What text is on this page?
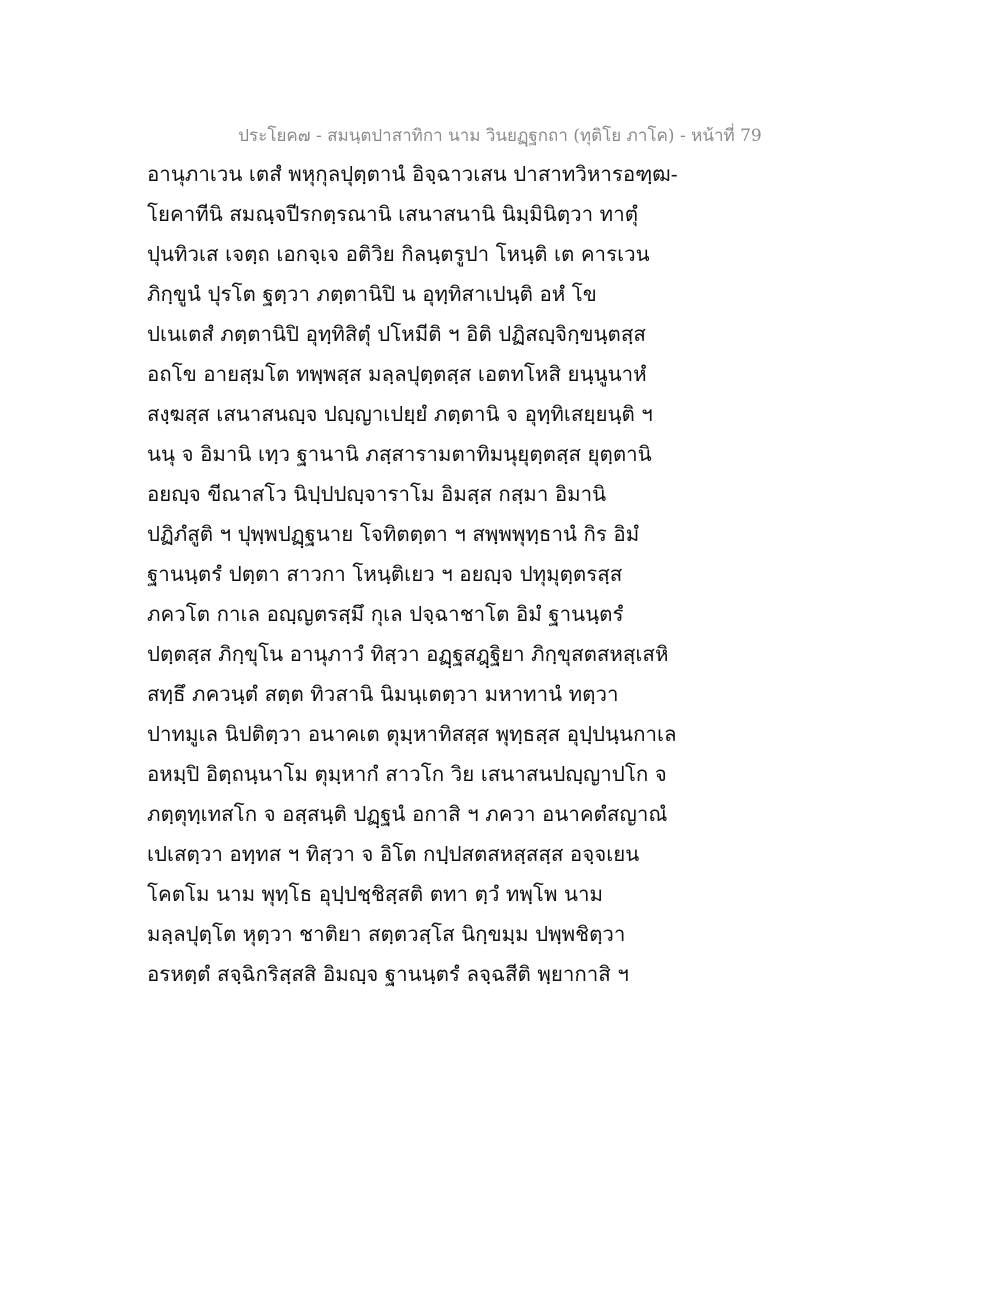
ประโยค๗ - สมนฺตปาสาทิกา นาม วินยฏฺฐกถา (ทุติโย ภาโค) - หน้าที่ 79
อานุภาเวน เตสํ พหุกุลปุตฺตานํ อิจฺฉาวเสน ปาสาทวิหารอฑฺฒ-
โยคาทีนิ สมณฺจปีรกตฺรณานิ เสนาสนานิ นิมฺมินิตฺวา ทาตุํ
ปุนทิวเส เจตฺถ เอกจฺเจ อติวิย กิลนฺตรูปา โหนฺติ เต คารเวน
ภิกฺขูนํ ปุรโต ฐตฺวา ภตฺตานิปิ น อุทฺทิสาเปนฺติ อหํ โข
ปเนเตสํ ภตฺตานิปิ อุทฺทิสิตุํ ปโหมีติ ฯ อิติ ปฏิสญฺจิกฺขนฺตสฺส
อถโข อายสฺมโต ทพฺพสฺส มลฺลปุตฺตสฺส เอตทโหสิ ยนฺนูนาหํ
สงฺฆสฺส เสนาสนญฺจ ปญฺญาเปยฺยํ ภตฺตานิ จ อุทฺทิเสยฺยนฺติ ฯ
นนุ จ อิมานิ เทฺว ฐานานิ ภสฺสารามตาทิมนุยุตฺตสฺส ยุตฺตานิ
อยญฺจ ขีณาสโว นิปฺปปญฺจาราโม อิมสฺส กสฺมา อิมานิ
ปฏิภํสูติ ฯ ปุพฺพปฏฺฐนาย โจทิตตฺตา ฯ สพฺพพุทฺธานํ กิร อิมํ
ฐานนฺตรํ ปตฺตา สาวกา โหนฺติเยว ฯ อยญฺจ ปทุมุตฺตรสฺส
ภควโต กาเล อญฺญตรสฺมึ กุเล ปจฺฉาชาโต อิมํ ฐานนฺตรํ
ปตฺตสฺส ภิกฺขุโน อานุภาวํ ทิสฺวา อฏฺฐสฎฺฐิยา ภิกฺขุสตสหสฺเสหิ
สทฺธึ ภควนฺตํ สตฺต ทิวสานิ นิมนฺเตตฺวา มหาทานํ ทตฺวา
ปาทมูเล นิปติตฺวา อนาคเต ตุมฺหาทิสสฺส พุทฺธสฺส อุปฺปนฺนกาเล
อหมฺปิ อิตฺถนฺนาโม ตุมฺหากํ สาวโก วิย เสนาสนปญฺญาปโก จ
ภตฺตุทฺเทสโก จ อสฺสนฺติ ปฏฺฐนํ อกาสิ ฯ ภควา อนาคตํสญาณํ
เปเสตฺวา อทฺทส ฯ ทิสฺวา จ อิโต กปฺปสตสหสฺสสฺส อจฺจเยน
โคตโม นาม พุทฺโธ อุปฺปชฺชิสฺสติ ตทา ตฺวํ ทพฺโพ นาม
มลฺลปุตฺโต หุตฺวา ชาติยา สตฺตวสฺโส นิกฺขมฺม ปพฺพชิตฺวา
อรหตฺตํ สจฺฉิกริสฺสสิ อิมญฺจ ฐานนฺตรํ ลจฺฉสีติ พฺยากาสิ ฯ
